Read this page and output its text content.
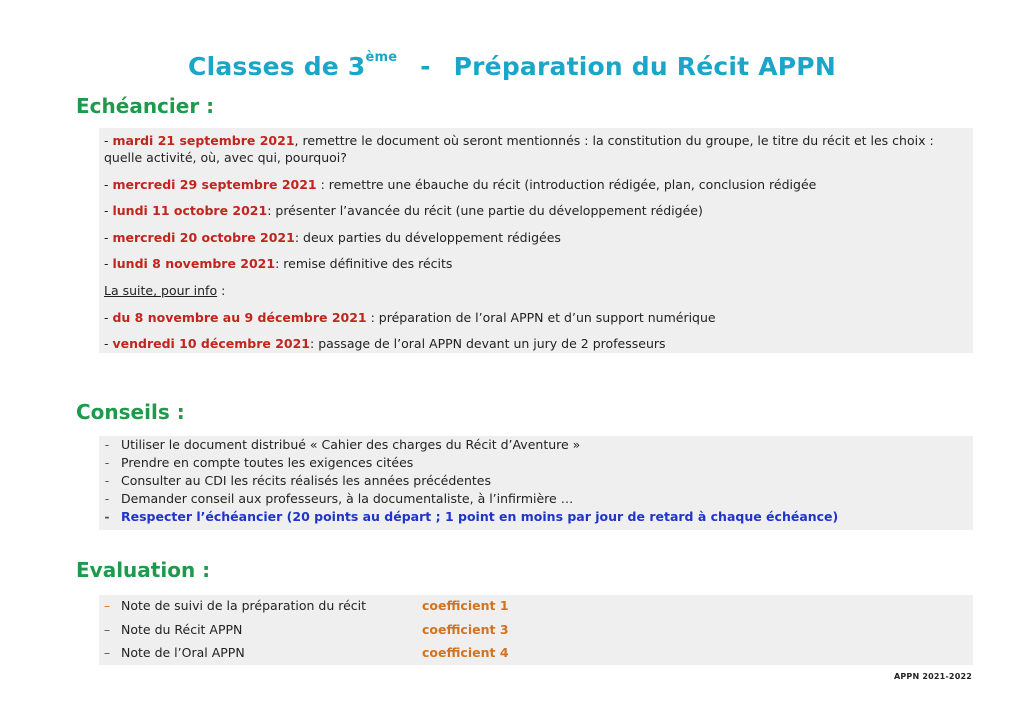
Classes de 3ème - Préparation du Récit APPN
Echéancier :

- mardi 21 septembre 2021, remettre le document où seront mentionnés : la constitution du groupe, le titre du récit et les choix : quelle activité, où, avec qui, pourquoi?

- mercredi 29 septembre 2021 : remettre une ébauche du récit (introduction rédigée, plan, conclusion rédigée

- lundi 11 octobre 2021: présenter l’avancée du récit (une partie du développement rédigée)

- mercredi 20 octobre 2021: deux parties du développement rédigées

- lundi 8 novembre 2021: remise définitive des récits

La suite, pour info :

- du 8 novembre au 9 décembre 2021 : préparation de l’oral APPN et d’un support numérique

- vendredi 10 décembre 2021: passage de l’oral APPN devant un jury de 2 professeurs

Conseils :
- Utiliser le document distribué « Cahier des charges du Récit d’Aventure »
- Prendre en compte toutes les exigences citées
- Consulter au CDI les récits réalisés les années précédentes
- Demander conseil aux professeurs, à la documentaliste, à l’infirmière …
- Respecter l’échéancier (20 points au départ ; 1 point en moins par jour de retard à chaque échéance)
Evaluation :
– Note de suivi de la préparation du récit	coefficient 1
– Note du Récit APPN	coefficient 3
– Note de l’Oral APPN	coefficient 4
APPN 2021-2022
